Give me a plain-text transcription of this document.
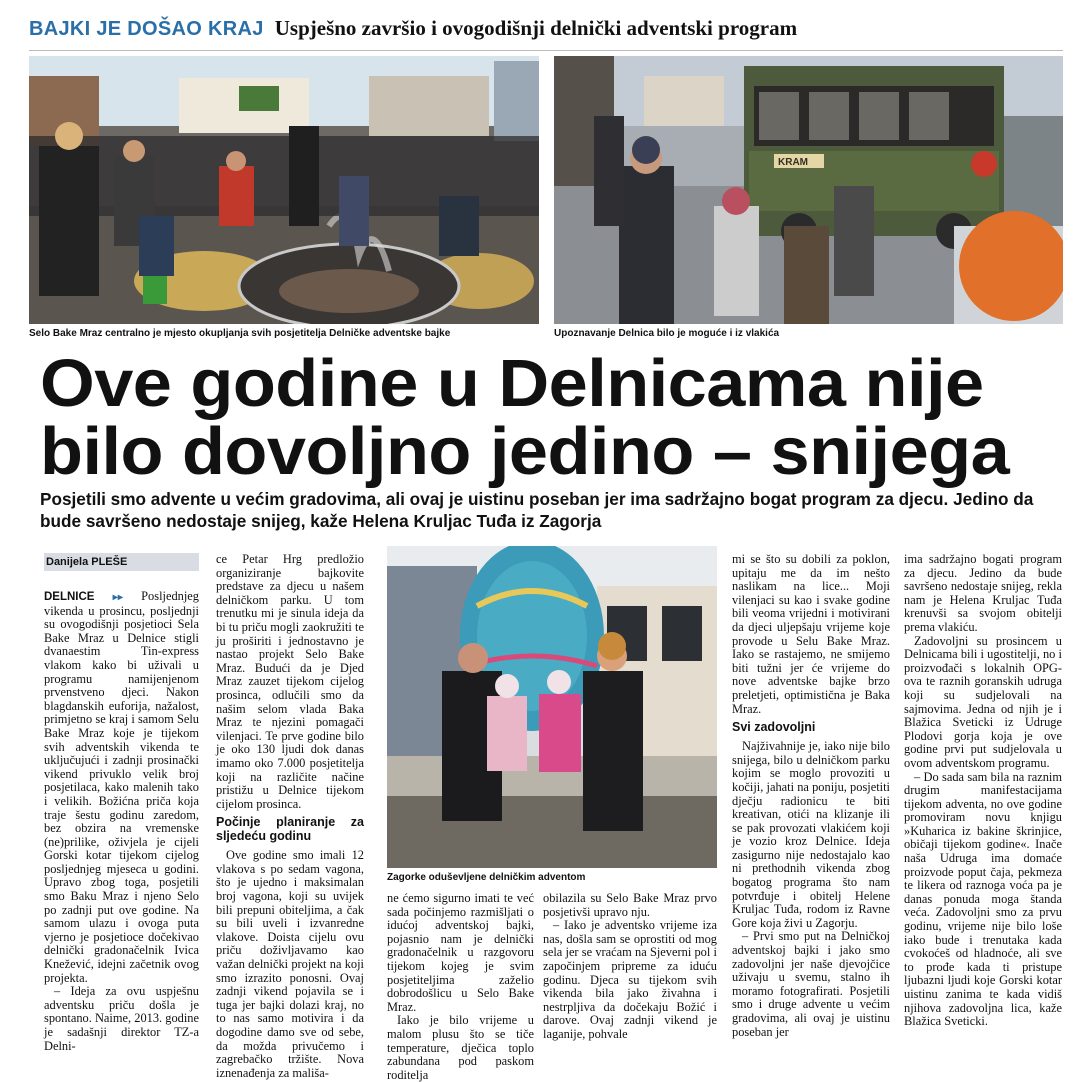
BAJKI JE DOŠAO KRAJ Uspješno završio i ovogodišnji delnički adventski program
Selo Bake Mraz centralno je mjesto okupljanja svih posjetitelja Delničke adventske bajke
KRAM
Upoznavanje Delnica bilo je moguće i iz vlakića
Ove godine u Delnicama nije
bilo dovoljno jedino – snijega
Posjetili smo advente u većim gradovima, ali ovaj je uistinu poseban jer ima sadržajno bogat program za djecu. Jedino da bude savršeno nedostaje snijeg, kaže Helena Kruljac Tuđa iz Zagorja
Danijela PLEŠE

DELNICE ▸▸ Posljednjeg vikenda u prosincu, posljednji su ovogodišnji posjetioci Sela Bake Mraz u Delnice stigli dvanaestim Tin-express vlakom kako bi uživali u programu namijenjenom prvenstveno djeci. Nakon blagdanskih euforija, nažalost, primjetno se kraj i samom Selu Bake Mraz koje je tijekom svih adventskih vikenda te uključujući i zadnji prosinački vikend privuklo velik broj posjetilaca, kako malenih tako i velikih. Božićna priča koja traje šestu godinu zaredom, bez obzira na vremenske (ne)prilike, oživjela je cijeli Gorski kotar tijekom cijelog posljednjeg mjeseca u godini. Upravo zbog toga, posjetili smo Baku Mraz i njeno Selo po zadnji put ove godine. Na samom ulazu i ovoga puta vjerno je posjetioce dočekivao delnički gradonačelnik Ivica Knežević, idejni začetnik ovog projekta.

– Ideja za ovu uspješnu adventsku priču došla je spontano. Naime, 2013. godine je sadašnji direktor TZ-a Delni-

ce Petar Hrg predložio organiziranje bajkovite predstave za djecu u našem delničkom parku. U tom trenutku mi je sinula ideja da bi tu priču mogli zaokružiti te ju proširiti i jednostavno je nastao projekt Selo Bake Mraz. Budući da je Djed Mraz zauzet tijekom cijelog prosinca, odlučili smo da našim selom vlada Baka Mraz te njezini pomagači vilenjaci. Te prve godine bilo je oko 130 ljudi dok danas imamo oko 7.000 posjetitelja koji na različite načine pristižu u Delnice tijekom cijelom prosinca.

Počinje planiranje za sljedeću godinu

Ove godine smo imali 12 vlakova s po sedam vagona, što je ujedno i maksimalan broj vagona, koji su uvijek bili prepuni obitelјima, a čak su bili uveli i izvanredne vlakove. Doista cijelu ovu priču doživljavamo kao važan delnički projekt na koji smo izrazito ponosni. Ovaj zadnji vikend pojavila se i tuga jer bajki dolazi kraj, no to nas samo motivira i da dogodine damo sve od sebe, da možda privučemo i zagrebačko tržište. Nova iznenađenja za mališa-

Zagorke oduševljene delničkim adventom

ne ćemo sigurno imati te već sada počinjemo razmišljati o idućoj adventskoj bajki, pojasnio nam je delnički gradonačelnik u razgovoru tijekom kojeg je svim posjetiteljima zaželio dobrodošlicu u Selo Bake Mraz.

Iako je bilo vrijeme u malom plusu što se tiče temperature, dječica toplo zabundana pod paskom roditelja

obilazila su Selo Bake Mraz prvo posjetivši upravo nju.

– Iako je adventsko vrijeme iza nas, došla sam se oprostiti od mog sela jer se vraćam na Sjeverni pol i započinjem pripreme za iduću godinu. Djeca su tijekom svih vikenda bila jako živahna i nestrpljiva da dočekaju Božić i darove. Ovaj zadnji vikend je laganije, pohvale

mi se što su dobili za poklon, upitaju me da im nešto naslikam na lice... Moji vilenjaci su kao i svake godine bili veoma vrijedni i motivirani da djeci uljepšaju vrijeme koje provode u Selu Bake Mraz. Iako se rastajemo, ne smijemo biti tužni jer će vrijeme do nove adventske bajke brzo preletjeti, optimistična je Baka Mraz.

Svi zadovoljni

Najživahnije je, iako nije bilo snijega, bilo u delničkom parku kojim se moglo provoziti u kočiji, jahati na poniju, posjetiti dječju radionicu te biti kreativan, otići na klizanje ili se pak provozati vlakićem koji je vozio kroz Delnice. Ideja zasigurno nije nedostajalo kao ni prethodnih vikenda zbog bogatog programa što nam potvrđuje i obitelj Helene Kruljac Tuđa, rodom iz Ravne Gore koja živi u Zagorju.

– Prvi smo put na Delničkoj adventskoj bajki i jako smo zadovoljni jer naše djevojčice uživaju u svemu, stalno ih moramo fotografirati. Posjetili smo i druge advente u većim gradovima, ali ovaj je uistinu poseban jer

ima sadržajno bogati program za djecu. Jedino da bude savršeno nedostaje snijeg, rekla nam je Helena Kruljac Tuđa krenuvši sa svojom obitelji prema vlakiću.

Zadovoljni su prosincem u Delnicama bili i ugostitelji, no i proizvođači s lokalnih OPG-ova te raznih goranskih udruga koji su sudjelovali na sajmovima. Jedna od njih je i Blažica Sveticki iz Udruge Plodovi gorja koja je ove godine prvi put sudjelovala u ovom adventskom programu.

– Do sada sam bila na raznim drugim manifestacijama tijekom adventa, no ove godine promoviram novu knjigu »Kuharica iz bakine škrinjice, običaji tijekom godine«. Inače naša Udruga ima domaće proizvode poput čaja, pekmeza te likera od raznoga voća pa je danas ponuda moga štanda veća. Zadovoljni smo za prvu godinu, vrijeme nije bilo loše iako bude i trenutaka kada cvokoćeš od hladnoće, ali sve to prođe kada ti pristupe ljubazni ljudi koje Gorski kotar uistinu zanima te kada vidiš njihova zadovoljna lica, kaže Blažica Sveticki.
